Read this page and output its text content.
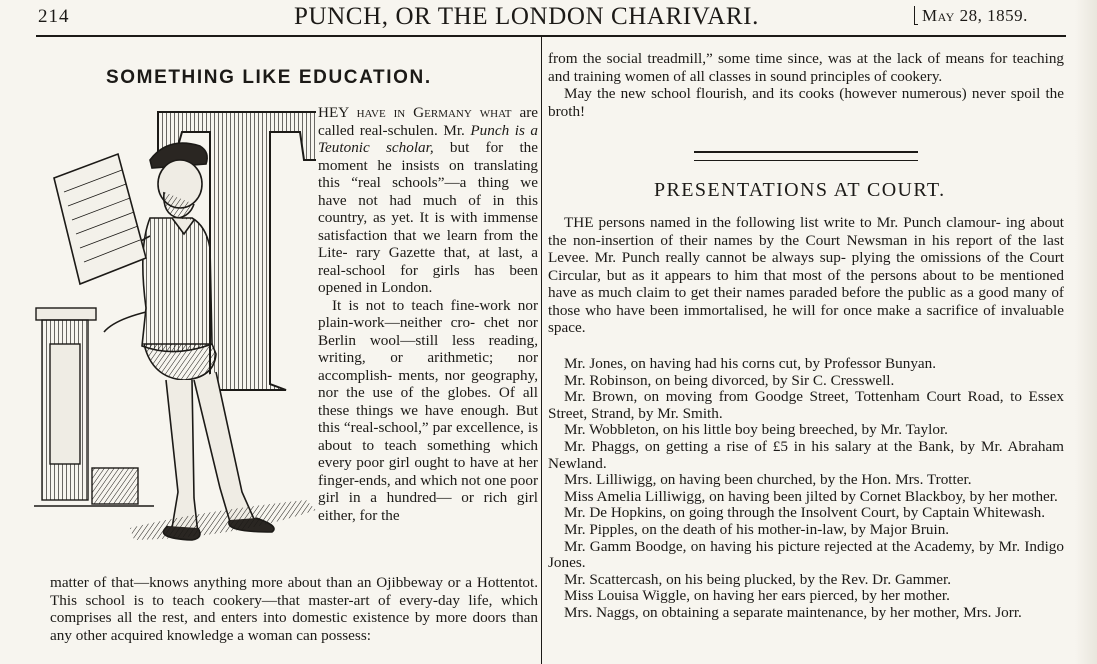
214	PUNCH, OR THE LONDON CHARIVARI.	May 28, 1859.
SOMETHING LIKE EDUCATION.

HEY have in Germany what are called real-schulen. Mr. Punch is a Teutonic scholar, but for the moment he insists on translating this “real schools”—a thing we have not had much of in this country, as yet. It is with immense satisfaction that we learn from the Lite- rary Gazette that, at last, a real-school for girls has been opened in London.

It is not to teach fine-work nor plain-work—neither cro- chet nor Berlin wool—still less reading, writing, or arithmetic; nor accomplish- ments, nor geography, nor the use of the globes. Of all these things we have enough. But this “real-school,” par excellence, is about to teach something which every poor girl ought to have at her finger-ends, and which not one poor girl in a hundred— or rich girl either, for the

matter of that—knows anything more about than an Ojibbeway or a Hottentot. This school is to teach cookery—that master-art of every-day life, which comprises all the rest, and enters into domestic existence by more doors than any other acquired knowledge a woman can possess:

from the social treadmill,” some time since, was at the lack of means for teaching and training women of all classes in sound principles of cookery.

May the new school flourish, and its cooks (however numerous) never spoil the broth!

PRESENTATIONS AT COURT.

THE persons named in the following list write to Mr. Punch clamour- ing about the non-insertion of their names by the Court Newsman in his report of the last Levee. Mr. Punch really cannot be always sup- plying the omissions of the Court Circular, but as it appears to him that most of the persons about to be mentioned have as much claim to get their names paraded before the public as a good many of those who have been immortalised, he will for once make a sacrifice of invaluable space.

Mr. Jones, on having had his corns cut, by Professor Bunyan.

Mr. Robinson, on being divorced, by Sir C. Cresswell.

Mr. Brown, on moving from Goodge Street, Tottenham Court Road, to Essex Street, Strand, by Mr. Smith.

Mr. Wobbleton, on his little boy being breeched, by Mr. Taylor.

Mr. Phaggs, on getting a rise of £5 in his salary at the Bank, by Mr. Abraham Newland.

Mrs. Lilliwigg, on having been churched, by the Hon. Mrs. Trotter.

Miss Amelia Lilliwigg, on having been jilted by Cornet Blackboy, by her mother.

Mr. De Hopkins, on going through the Insolvent Court, by Captain Whitewash.

Mr. Pipples, on the death of his mother-in-law, by Major Bruin.

Mr. Gamm Boodge, on having his picture rejected at the Academy, by Mr. Indigo Jones.

Mr. Scattercash, on his being plucked, by the Rev. Dr. Gammer.

Miss Louisa Wiggle, on having her ears pierced, by her mother.

Mrs. Naggs, on obtaining a separate maintenance, by her mother, Mrs. Jorr.
